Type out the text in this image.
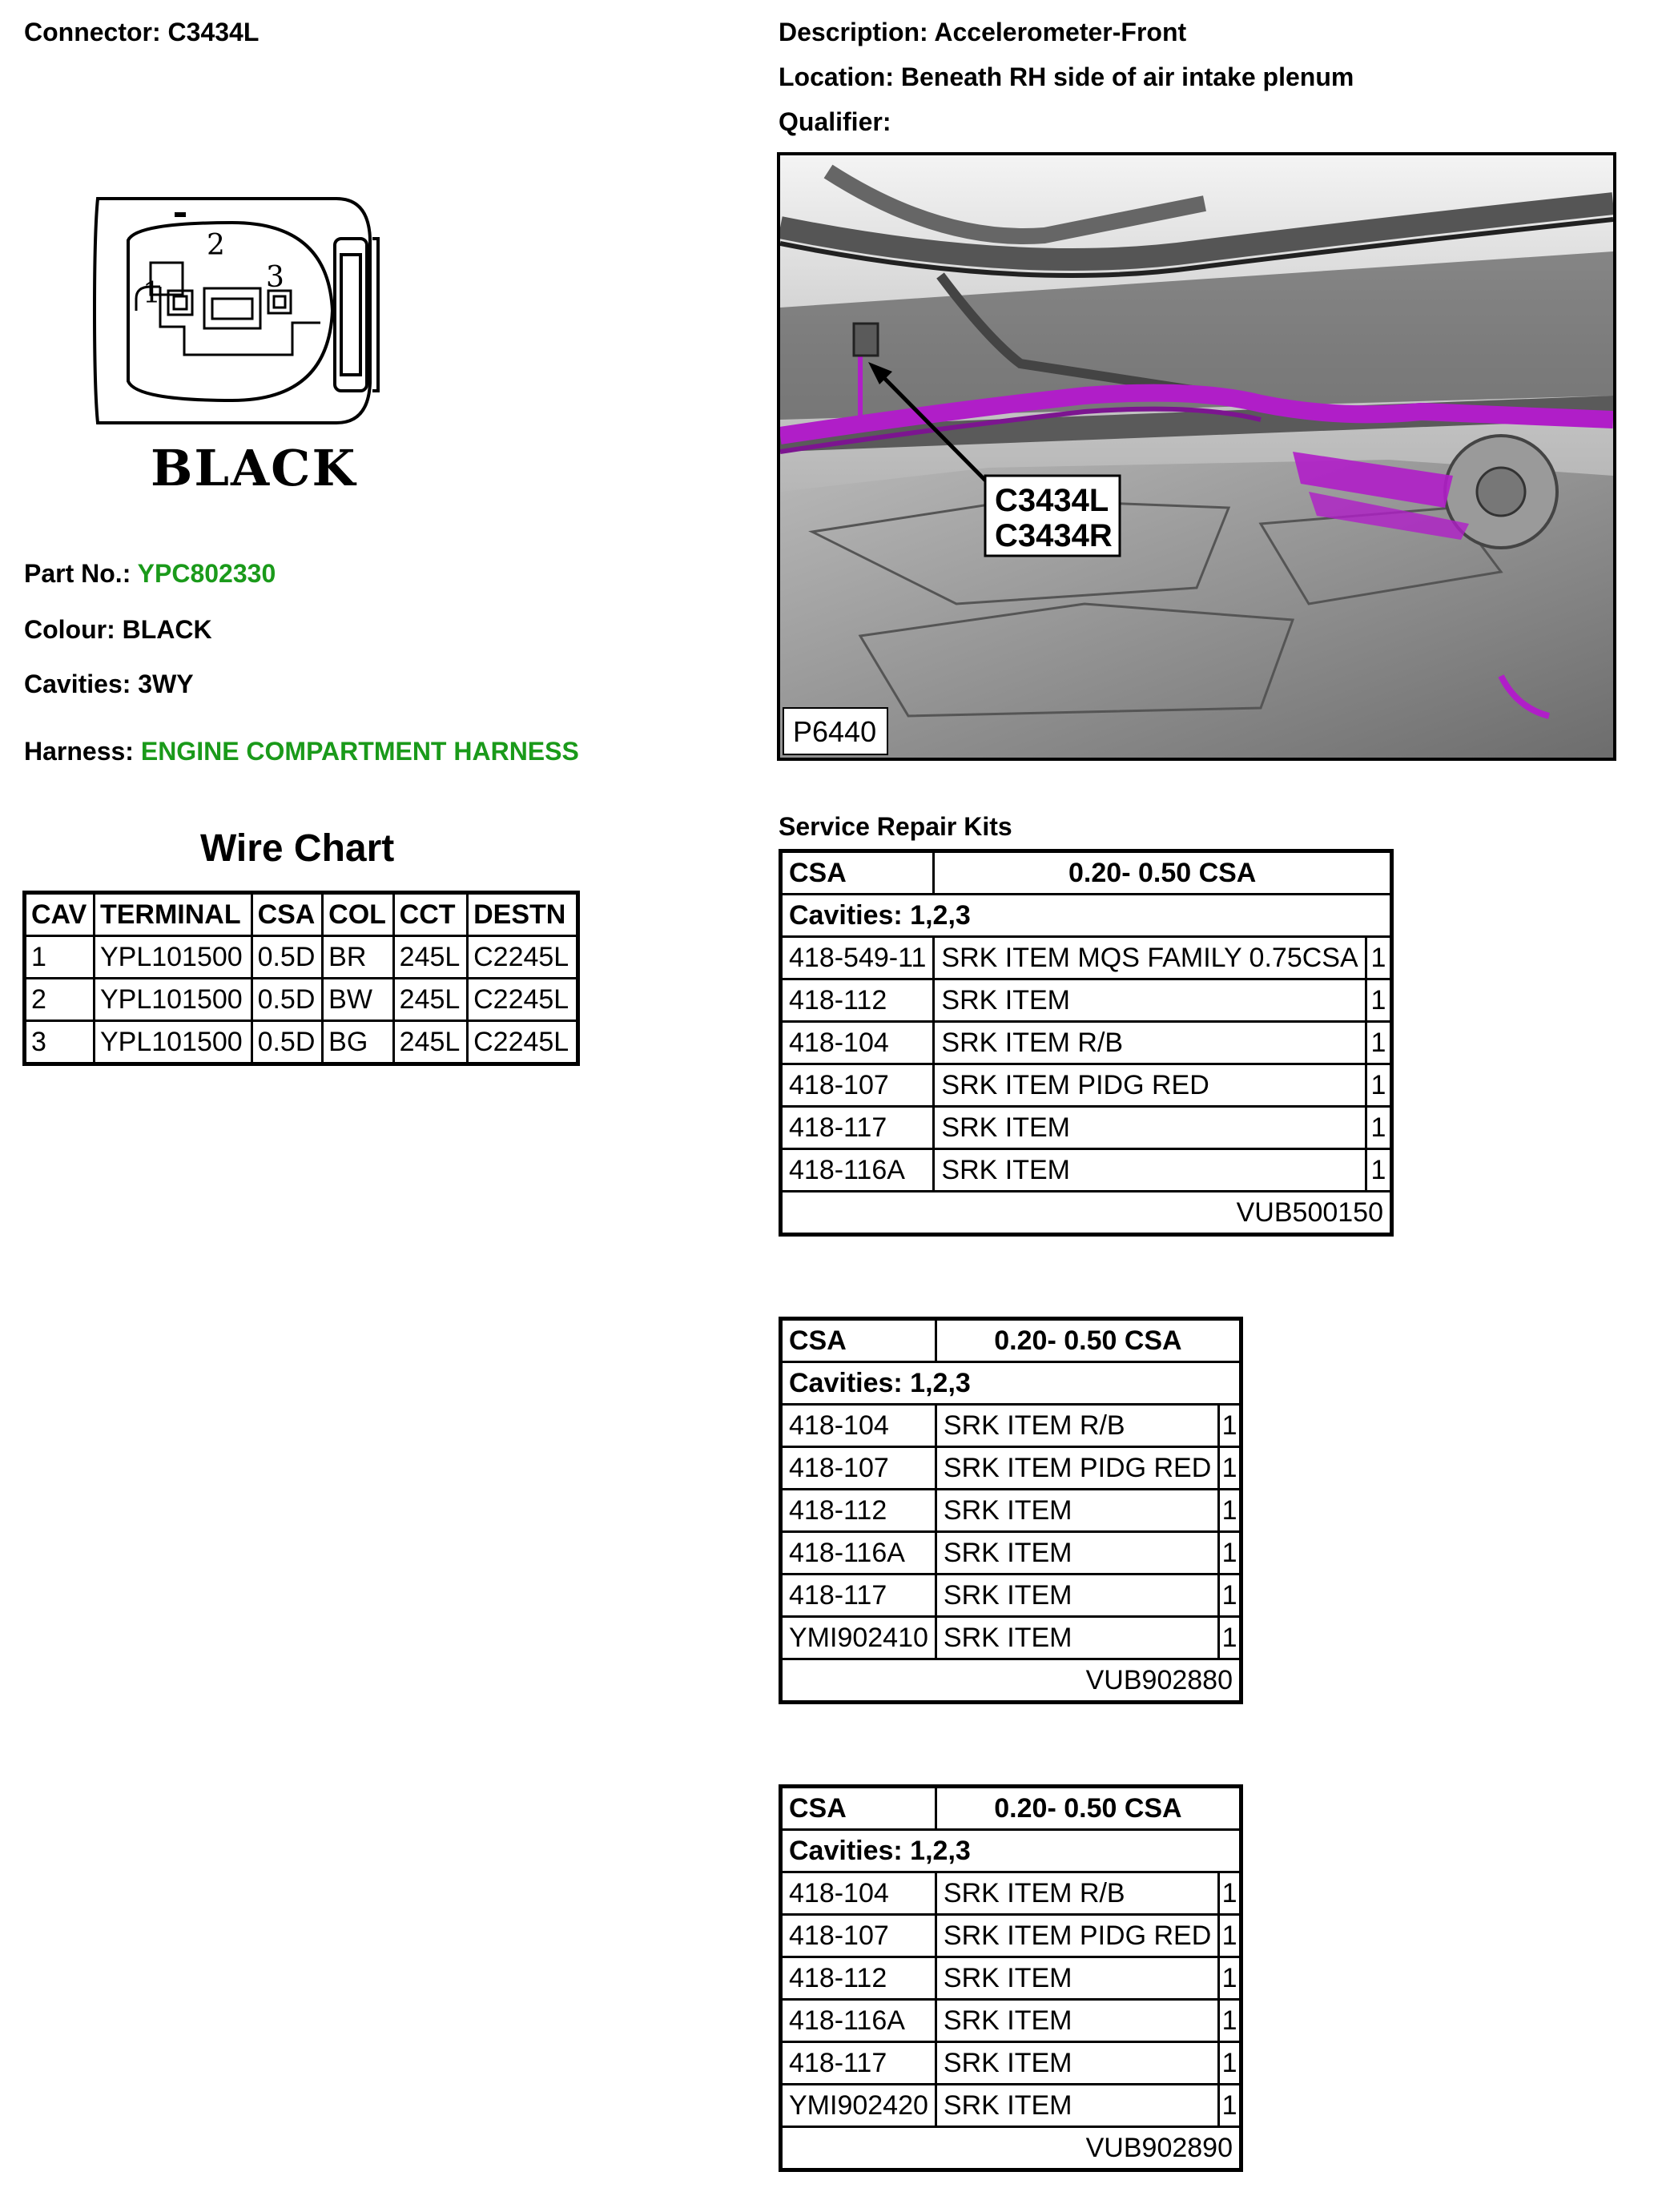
Connector: C3434L	Description: Accelerometer-Front
Location: Beneath RH side of air intake plenum
Qualifier:
2
1	3
BLACK
Part No.: YPC802330
Colour: BLACK
Cavities: 3WY
Harness: ENGINE COMPARTMENT HARNESS
C3434L
C3434R
P6440
Wire Chart
CAV	TERMINAL	CSA	COL	CCT	DESTN
1	YPL101500	0.5D	BR	245L	C2245L
2	YPL101500	0.5D	BW	245L	C2245L
3	YPL101500	0.5D	BG	245L	C2245L
Service Repair Kits
CSA	0.20- 0.50 CSA	
Cavities: 1,2,3		
418-549-11	SRK ITEM MQS FAMILY 0.75CSA	1
418-112	SRK ITEM	1
418-104	SRK ITEM R/B	1
418-107	SRK ITEM PIDG RED	1
418-117	SRK ITEM	1
418-116A	SRK ITEM	1
VUB500150		
CSA	0.20- 0.50 CSA	
Cavities: 1,2,3		
418-104	SRK ITEM R/B	1
418-107	SRK ITEM PIDG RED	1
418-112	SRK ITEM	1
418-116A	SRK ITEM	1
418-117	SRK ITEM	1
YMI902410	SRK ITEM	1
VUB902880		
CSA	0.20- 0.50 CSA	
Cavities: 1,2,3		
418-104	SRK ITEM R/B	1
418-107	SRK ITEM PIDG RED	1
418-112	SRK ITEM	1
418-116A	SRK ITEM	1
418-117	SRK ITEM	1
YMI902420	SRK ITEM	1
VUB902890		
